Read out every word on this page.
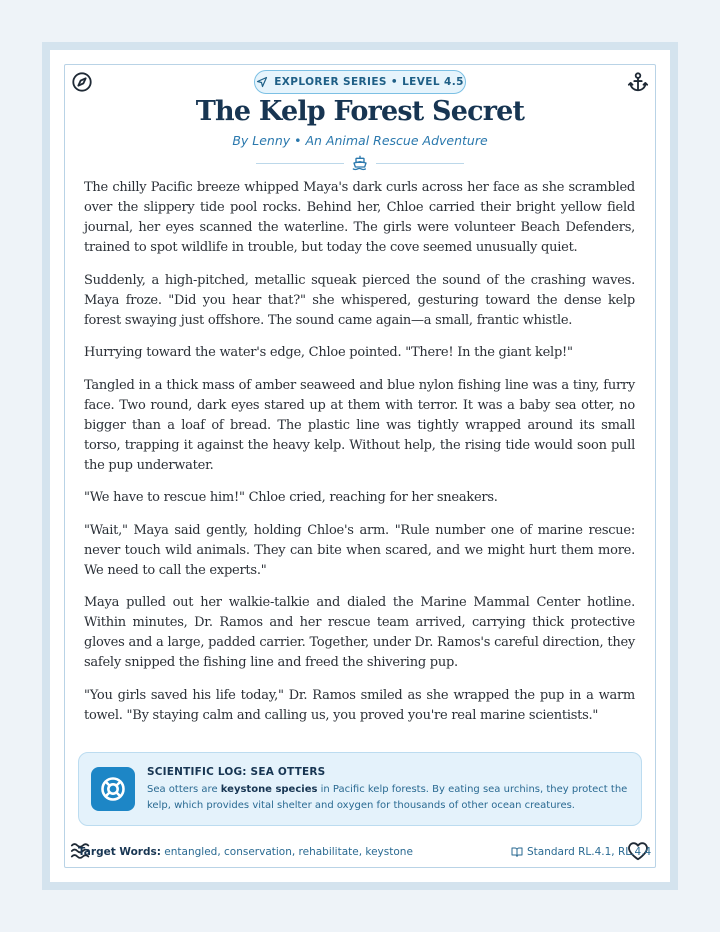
EXPLORER SERIES • LEVEL 4.5
The Kelp Forest Secret
By Lenny • An Animal Rescue Adventure

The chilly Pacific breeze whipped Maya's dark curls across her face as she scrambled over the slippery tide pool rocks. Behind her, Chloe carried their bright yellow field journal, her eyes scanned the waterline. The girls were volunteer Beach Defenders, trained to spot wildlife in trouble, but today the cove seemed unusually quiet.

Suddenly, a high-pitched, metallic squeak pierced the sound of the crashing waves. Maya froze. "Did you hear that?" she whispered, gesturing toward the dense kelp forest swaying just offshore. The sound came again—a small, frantic whistle.

Hurrying toward the water's edge, Chloe pointed. "There! In the giant kelp!"

Tangled in a thick mass of amber seaweed and blue nylon fishing line was a tiny, furry face. Two round, dark eyes stared up at them with terror. It was a baby sea otter, no bigger than a loaf of bread. The plastic line was tightly wrapped around its small torso, trapping it against the heavy kelp. Without help, the rising tide would soon pull the pup underwater.

"We have to rescue him!" Chloe cried, reaching for her sneakers.

"Wait," Maya said gently, holding Chloe's arm. "Rule number one of marine rescue: never touch wild animals. They can bite when scared, and we might hurt them more. We need to call the experts."

Maya pulled out her walkie-talkie and dialed the Marine Mammal Center hotline. Within minutes, Dr. Ramos and her rescue team arrived, carrying thick protective gloves and a large, padded carrier. Together, under Dr. Ramos's careful direction, they safely snipped the fishing line and freed the shivering pup.

"You girls saved his life today," Dr. Ramos smiled as she wrapped the pup in a warm towel. "By staying calm and calling us, you proved you're real marine scientists."

SCIENTIFIC LOG: SEA OTTERS
Sea otters are keystone species in Pacific kelp forests. By eating sea urchins, they protect the kelp, which provides vital shelter and oxygen for thousands of other ocean creatures.
Target Words: entangled, conservation, rehabilitate, keystone	Standard RL.4.1, RL.4.4
